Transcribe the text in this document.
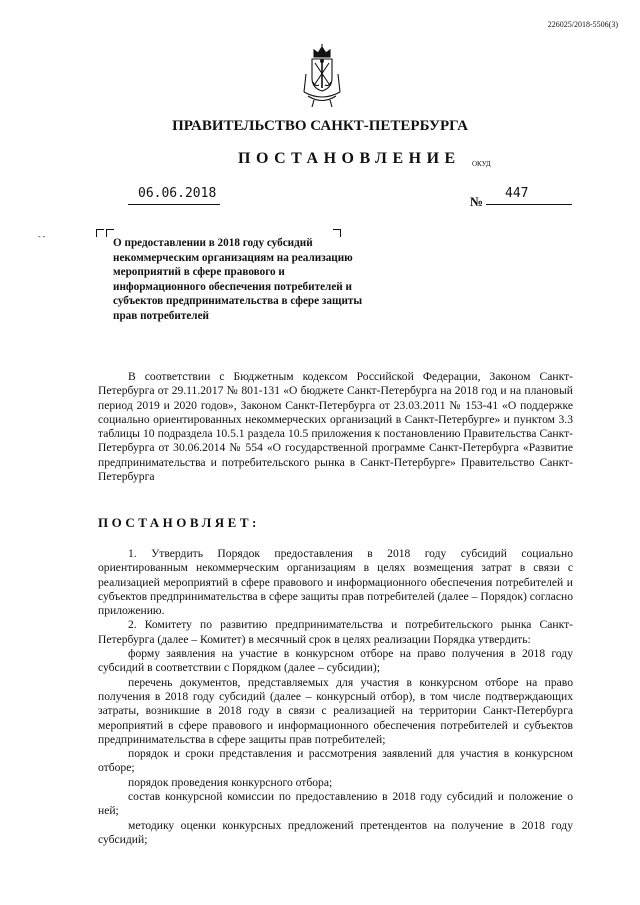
226025/2018-5506(3)
ПРАВИТЕЛЬСТВО САНКТ-ПЕТЕРБУРГА
ПОСТАНОВЛЕНИЕ ОКУД
06.06.2018
№
447
- -
О предоставлении в 2018 году субсидий некоммерческим организациям на реализацию мероприятий в сфере правового и информационного обеспечения потребителей и субъектов предпринимательства в сфере защиты прав потребителей

В соответствии с Бюджетным кодексом Российской Федерации, Законом Санкт-Петербурга от 29.11.2017 № 801-131 «О бюджете Санкт-Петербурга на 2018 год и на плановый период 2019 и 2020 годов», Законом Санкт-Петербурга от 23.03.2011 № 153-41 «О поддержке социально ориентированных некоммерческих организаций в Санкт-Петербурге» и пунктом 3.3 таблицы 10 подраздела 10.5.1 раздела 10.5 приложения к постановлению Правительства Санкт-Петербурга от 30.06.2014 № 554 «О государственной программе Санкт-Петербурга «Развитие предпринимательства и потребительского рынка в Санкт-Петербурге» Правительство Санкт-Петербурга

ПОСТАНОВЛЯЕТ:

1. Утвердить Порядок предоставления в 2018 году субсидий социально ориентированным некоммерческим организациям в целях возмещения затрат в связи с реализацией мероприятий в сфере правового и информационного обеспечения потребителей и субъектов предпринимательства в сфере защиты прав потребителей (далее – Порядок) согласно приложению.

2. Комитету по развитию предпринимательства и потребительского рынка Санкт-Петербурга (далее – Комитет) в месячный срок в целях реализации Порядка утвердить:

форму заявления на участие в конкурсном отборе на право получения в 2018 году субсидий в соответствии с Порядком (далее – субсидии);

перечень документов, представляемых для участия в конкурсном отборе на право получения в 2018 году субсидий (далее – конкурсный отбор), в том числе подтверждающих затраты, возникшие в 2018 году в связи с реализацией на территории Санкт-Петербурга мероприятий в сфере правового и информационного обеспечения потребителей и субъектов предпринимательства в сфере защиты прав потребителей;

порядок и сроки представления и рассмотрения заявлений для участия в конкурсном отборе;

порядок проведения конкурсного отбора;

состав конкурсной комиссии по предоставлению в 2018 году субсидий и положение о ней;

методику оценки конкурсных предложений претендентов на получение в 2018 году субсидий;
